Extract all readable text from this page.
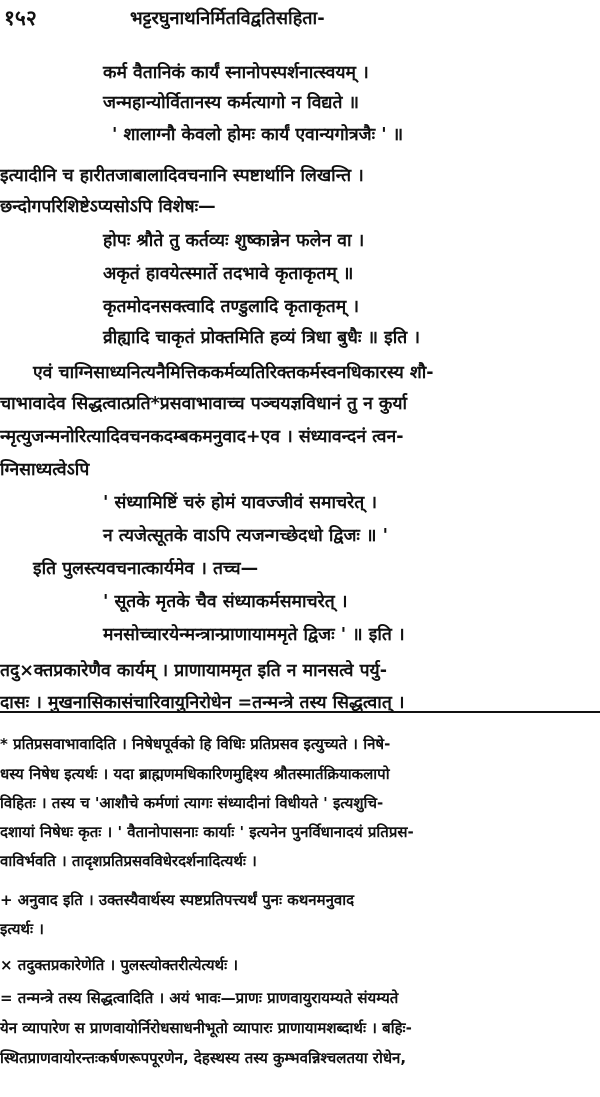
१५२	भट्टरघुनाथनिर्मितविद्वतिसहिता-
कर्म वैतानिकं कार्यं स्नानोपस्पर्शनात्स्वयम् ।
जन्महान्योर्वितानस्य कर्मत्यागो न विद्यते ॥
' शालाग्नौ केवलो होमः कार्यं एवान्यगोत्रजैः ' ॥
इत्यादीनि च हारीतजाबालादिवचनानि स्पष्टार्थानि लिखन्ति ।
छन्दोगपरिशिष्टेऽप्यसोऽपि विशेषः—
होपः श्रौते तु कर्तव्यः शुष्कान्नेन फलेन वा ।
अकृतं हावयेत्स्मार्ते तदभावे कृताकृतम् ॥
कृतमोदनसक्त्वादि तण्डुलादि कृताकृतम् ।
व्रीह्यादि चाकृतं प्रोक्तमिति हव्यं त्रिधा बुधैः ॥ इति ।
एवं चाग्निसाध्यनित्यनैमित्तिककर्मव्यतिरिक्तकर्मस्वनधिकारस्य शौ-
चाभावादेव सिद्धत्वात्प्रति*प्रसवाभावाच्च पञ्चयज्ञविधानं तु न कुर्या
न्मृत्युजन्मनोरित्यादिवचनकदम्बकमनुवाद+एव । संध्यावन्दनं त्वन-
ग्निसाध्यत्वेऽपि
' संध्यामिष्टिं चरुं होमं यावज्जीवं समाचरेत् ।
न त्यजेत्सूतके वाऽपि त्यजन्गच्छेदधो द्विजः ॥ '
इति पुलस्त्यवचनात्कार्यमेव । तच्च—
' सूतके मृतके चैव संध्याकर्मसमाचरेत् ।
मनसोच्चारयेन्मन्त्रान्प्राणायाममृते द्विजः ' ॥ इति ।
तदु×क्तप्रकारेणैव कार्यम् । प्राणायाममृत इति न मानसत्वे पर्यु-
दासः । मुखनासिकासंचारिवायुनिरोधेन =तन्मन्त्रे तस्य सिद्धत्वात् ।
* प्रतिप्रसवाभावादिति । निषेधपूर्वको हि विधिः प्रतिप्रसव इत्युच्यते । निषे-
धस्य निषेध इत्यर्थः । यदा ब्राह्मणमधिकारिणमुद्दिश्य श्रौतस्मार्तक्रियाकलापो
विहितः । तस्य च 'आशौचे कर्मणां त्यागः संध्यादीनां विधीयते ' इत्यशुचि-
दशायां निषेधः कृतः । ' वैतानोपासनाः कार्याः ' इत्यनेन पुनर्विधानादयं प्रतिप्रस-
वाविर्भवति । तादृशप्रतिप्रसवविधेरदर्शनादित्यर्थः ।
+ अनुवाद इति । उक्तस्यैवार्थस्य स्पष्टप्रतिपत्त्यर्थं पुनः कथनमनुवाद
इत्यर्थः ।
× तदुक्तप्रकारेणेति । पुलस्त्योक्तरीत्येत्यर्थः ।
= तन्मन्त्रे तस्य सिद्धत्वादिति । अयं भावः—प्राणः प्राणवायुरायम्यते संयम्यते
येन व्यापारेण स प्राणवायोर्निरोधसाधनीभूतो व्यापारः प्राणायामशब्दार्थः । बहिः-
स्थितप्राणवायोरन्तःकर्षणरूपपूरणेन, देहस्थस्य तस्य कुम्भवन्निश्चलतया रोधेन,
